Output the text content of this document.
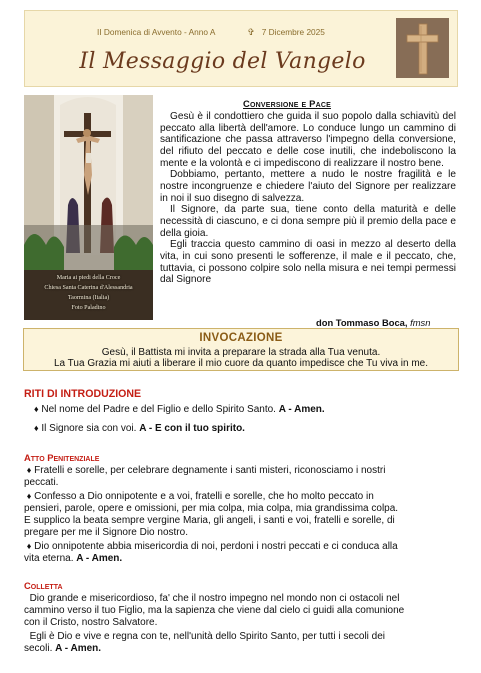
II Domenica di Avvento - Anno A	✞ 7 Dicembre 2025
Il Messaggio del Vangelo
Maria ai piedi della Croce
Chiesa Santa Caterina d'Alessandria
Taormina (Italia)
Foto Paladino
Conversione e Pace

Gesù è il condottiero che guida il suo popolo dalla schiavitù del peccato alla libertà dell'amore. Lo conduce lungo un cammino di santificazione che passa attraverso l'impegno della conversione, del rifiuto del peccato e delle cose inutili, che indeboliscono la mente e la volontà e ci impediscono di realizzare il nostro bene.

Dobbiamo, pertanto, mettere a nudo le nostre fragilità e le nostre incongruenze e chiedere l'aiuto del Signore per realizzare in noi il suo disegno di salvezza.

Il Signore, da parte sua, tiene conto della maturità e delle necessità di ciascuno, e ci dona sempre più il premio della pace e della gioia.

Egli traccia questo cammino di oasi in mezzo al deserto della vita, in cui sono presenti le sofferenze, il male e il peccato, che, tuttavia, ci possono colpire solo nella misura e nei tempi permessi dal Signore

don Tommaso Boca, fmsn
INVOCAZIONE
Gesù, il Battista mi invita a preparare la strada alla Tua venuta.
La Tua Grazia mi aiuti a liberare il mio cuore da quanto impedisce che Tu viva in me.
RITI DI INTRODUZIONE
♦ Nel nome del Padre e del Figlio e dello Spirito Santo. A - Amen.
♦ Il Signore sia con voi. A - E con il tuo spirito.
Atto Penitenziale
♦ Fratelli e sorelle, per celebrare degnamente i santi misteri, riconosciamo i nostri
peccati.
♦ Confesso a Dio onnipotente e a voi, fratelli e sorelle, che ho molto peccato in
pensieri, parole, opere e omissioni, per mia colpa, mia colpa, mia grandissima colpa.
E supplico la beata sempre vergine Maria, gli angeli, i santi e voi, fratelli e sorelle, di
pregare per me il Signore Dio nostro.
♦ Dio onnipotente abbia misericordia di noi, perdoni i nostri peccati e ci conduca alla
vita eterna. A - Amen.
Colletta
Dio grande e misericordioso, fa' che il nostro impegno nel mondo non ci ostacoli nel
cammino verso il tuo Figlio, ma la sapienza che viene dal cielo ci guidi alla comunione
con il Cristo, nostro Salvatore.
Egli è Dio e vive e regna con te, nell'unità dello Spirito Santo, per tutti i secoli dei
secoli. A - Amen.
